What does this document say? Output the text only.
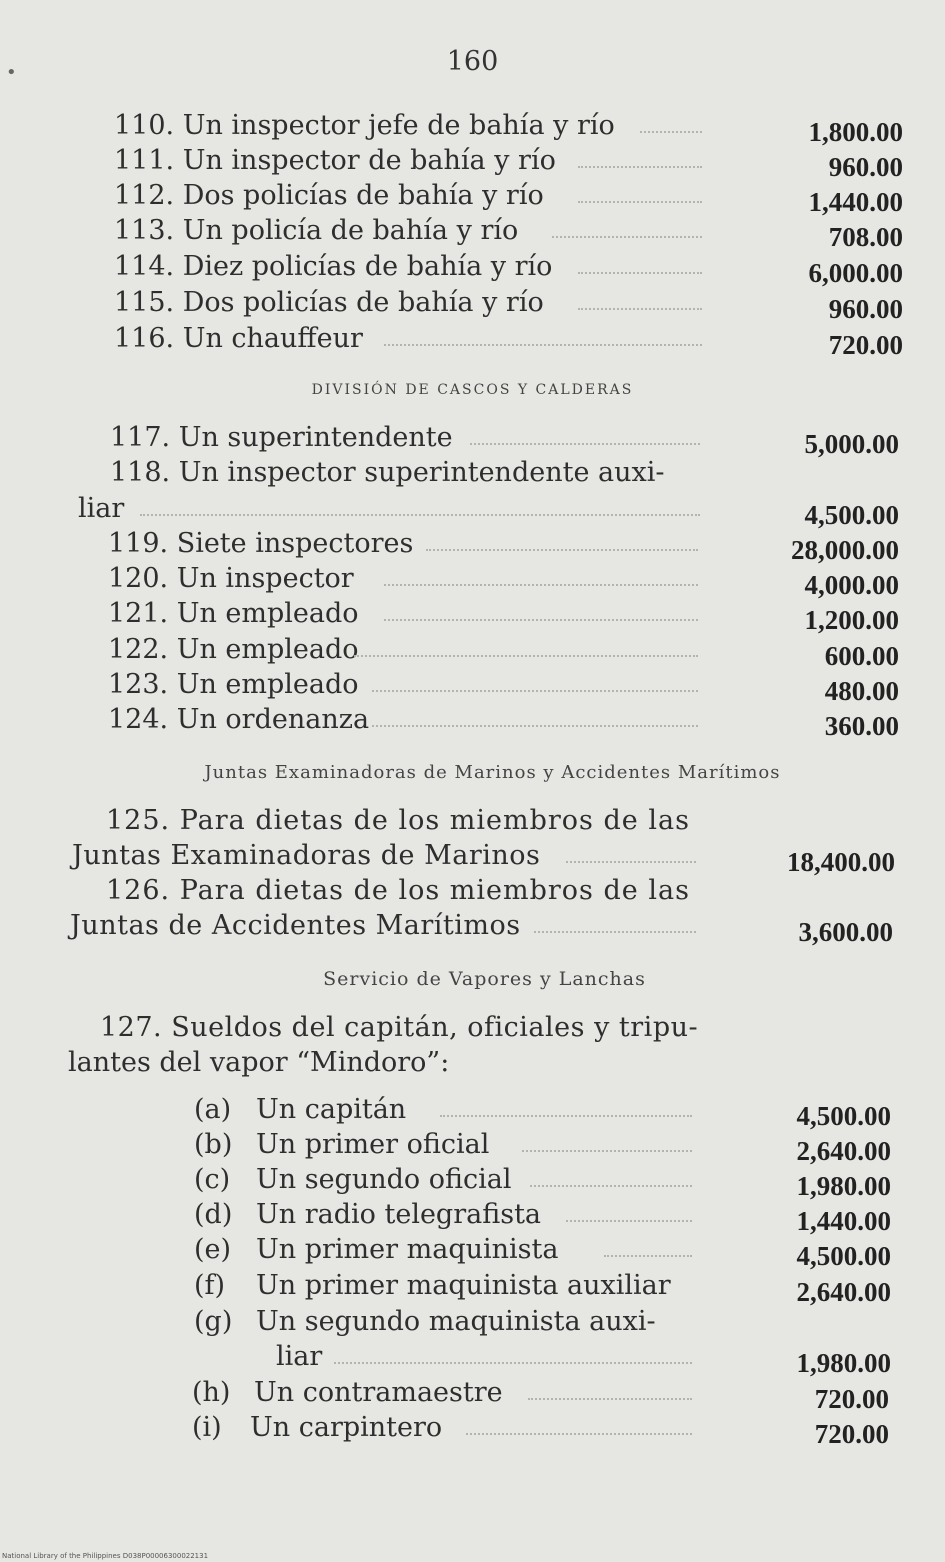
160
•
110. Un inspector jefe de bahía y río	1,800.00
111. Un inspector de bahía y río	960.00
112. Dos policías de bahía y río	1,440.00
113. Un policía de bahía y río	708.00
114. Diez policías de bahía y río	6,000.00
115. Dos policías de bahía y río	960.00
116. Un chauffeur	720.00
DIVISIÓN DE CASCOS Y CALDERAS
117. Un superintendente	5,000.00
118. Un inspector superintendente auxi-
liar	4,500.00
119. Siete inspectores	28,000.00
120. Un inspector	4,000.00
121. Un empleado	1,200.00
122. Un empleado	600.00
123. Un empleado	480.00
124. Un ordenanza	360.00
Juntas Examinadoras de Marinos y Accidentes Marítimos
125. Para dietas de los miembros de las
Juntas Examinadoras de Marinos	18,400.00
126. Para dietas de los miembros de las
Juntas de Accidentes Marítimos	3,600.00
Servicio de Vapores y Lanchas
127. Sueldos del capitán, oficiales y tripu-
lantes del vapor “Mindoro”:
(a) Un capitán	4,500.00
(b) Un primer oficial	2,640.00
(c) Un segundo oficial	1,980.00
(d) Un radio telegrafista	1,440.00
(e) Un primer maquinista	4,500.00
(f) Un primer maquinista auxiliar	2,640.00
(g) Un segundo maquinista auxi-
liar	1,980.00
(h) Un contramaestre	720.00
(i) Un carpintero	720.00
National Library of the Philippines D038P00006300022131
